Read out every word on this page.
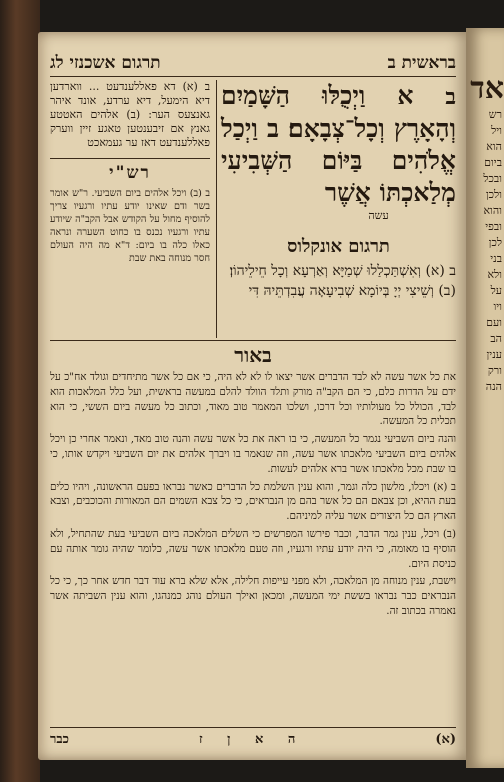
בראשית ב
תרגום אשכנזי לג
ב א וַיְכֻלּוּ הַשָּׁמַיִם וְהָאָרֶץ וְכָל־צְבָאָם׃ ב וַיְכַל אֱלֹהִים בַּיּוֹם הַשְּׁבִיעִי מְלַאכְתּוֹ אֲשֶׁר
עשה
תרגום אונקלוס
ב (א) וְאִשְׁתַּכְלַלוּ שְׁמַיָּא וְאַרְעָא וְכָל חֵילֵיהוֹן׃ (ב) וְשֵׁיצִי יְיָ בְּיוֹמָא שְׁבִיעָאָה עֲבִדְתֵּיהּ דִּי
ב (א) דא פאללענדעט ... ווארדען דיא הימעל, דיא ערדע, אונד איהר גאנצעס הער: (ב) אלהים האטטע גאנץ אם זיבענטען טאגע זיין ווערק פאללענדעט דאז ער געמאכט
רש"י
ב (ב) ויכל אלהים ביום השביעי. ר"ש אומר בשר ודם שאינו יודע עתיו ורגעיו צריך להוסיף מחול על הקודש אבל הקב"ה שיודע עתיו ורגעיו נכנס בו כחוט השערה ונראה כאלו כלה בו ביום: ד"א מה היה העולם חסר מנוחה באת שבת
באור

את כל אשר עשה לא לבד הדברים אשר יצאו לו לא לא היה, כי אם כל אשר מתיחדים וגולד אח"כ על ידם על הדרות כלם, כי הם הקב"ה מורק ותלד הוולד להלם במעשה בראשית, ועל כלל המלאכות הוא לבד, הכולל כל מעולותיו וכל דרכו, ושלכו המאמר טוב מאוד, וכתוב כל מעשה ביום הששי, כי הוא תכלית כל המעשה.

והנה ביום השביעי נגמר כל המעשה, כי בו ראה את כל אשר עשה והנה טוב מאד, ונאמר אחרי כן ויכל אלהים ביום השביעי מלאכתו אשר עשה, וזה שנאמר בו ויברך אלהים את יום השביעי ויקדש אותו, כי בו שבת מכל מלאכתו אשר ברא אלהים לעשות.

ב (א) ויכלו, מלשון כלה וגמר, והוא ענין השלמת כל הדברים כאשר נבראו בפעם הראשונה, ויהיו כלים בעת ההיא, וכן צבאם הם כל אשר בהם מן הנבראים, כי כל צבא השמים הם המאורות והכוכבים, וצבא הארץ הם כל היצורים אשר עליה למיניהם.

(ב) ויכל, ענין גמר הדבר, וכבר פירשו המפרשים כי השלים המלאכה ביום השביעי בעת שהתחיל, ולא הוסיף בו מאומה, כי היה יודע עתיו ורגעיו, וזה טעם מלאכתו אשר עשה, כלומר שהיה גומר אותה עם כניסת היום.

וישבת, ענין מנוחה מן המלאכה, ולא מפני עייפות חלילה, אלא שלא ברא עוד דבר חדש אחר כך, כי כל הנבראים כבר נבראו בששת ימי המעשה, ומכאן ואילך העולם נוהג כמנהגו, והוא ענין השביתה אשר נאמרה בכתוב זה.

(א)
ה א ן ז
כבר
אד
רש
ויל
הוא
ביום
ובכל
ולכן
והוא
ובפי
לכן
בני
ולא
על
ויו
ועם
הב
ענין
ורק
הנה
